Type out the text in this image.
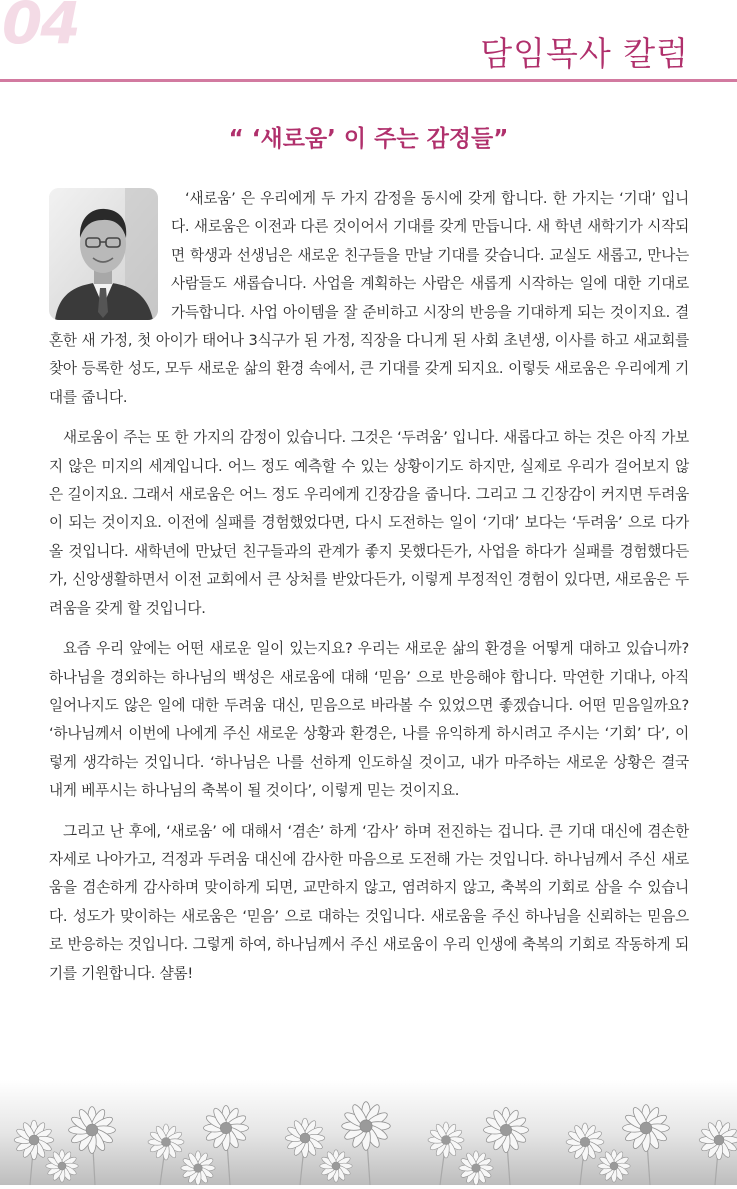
04	담임목사 칼럼
“ ‘새로움’ 이 주는 감정들”

‘새로움’ 은 우리에게 두 가지 감정을 동시에 갖게 합니다. 한 가지는 ‘기대’ 입니다. 새로움은 이전과 다른 것이어서 기대를 갖게 만듭니다. 새 학년 새학기가 시작되면 학생과 선생님은 새로운 친구들을 만날 기대를 갖습니다. 교실도 새롭고, 만나는 사람들도 새롭습니다. 사업을 계획하는 사람은 새롭게 시작하는 일에 대한 기대로 가득합니다. 사업 아이템을 잘 준비하고 시장의 반응을 기대하게 되는 것이지요. 결혼한 새 가정, 첫 아이가 태어나 3식구가 된 가정, 직장을 다니게 된 사회 초년생, 이사를 하고 새교회를 찾아 등록한 성도, 모두 새로운 삶의 환경 속에서, 큰 기대를 갖게 되지요. 이렇듯 새로움은 우리에게 기대를 줍니다.

새로움이 주는 또 한 가지의 감정이 있습니다. 그것은 ‘두려움’ 입니다. 새롭다고 하는 것은 아직 가보지 않은 미지의 세계입니다. 어느 정도 예측할 수 있는 상황이기도 하지만, 실제로 우리가 걸어보지 않은 길이지요. 그래서 새로움은 어느 정도 우리에게 긴장감을 줍니다. 그리고 그 긴장감이 커지면 두려움이 되는 것이지요. 이전에 실패를 경험했었다면, 다시 도전하는 일이 ‘기대’ 보다는 ‘두려움’ 으로 다가올 것입니다. 새학년에 만났던 친구들과의 관계가 좋지 못했다든가, 사업을 하다가 실패를 경험했다든가, 신앙생활하면서 이전 교회에서 큰 상처를 받았다든가, 이렇게 부정적인 경험이 있다면, 새로움은 두려움을 갖게 할 것입니다.

요즘 우리 앞에는 어떤 새로운 일이 있는지요? 우리는 새로운 삶의 환경을 어떻게 대하고 있습니까? 하나님을 경외하는 하나님의 백성은 새로움에 대해 ‘믿음’ 으로 반응해야 합니다. 막연한 기대나, 아직 일어나지도 않은 일에 대한 두려움 대신, 믿음으로 바라볼 수 있었으면 좋겠습니다. 어떤 믿음일까요? ‘하나님께서 이번에 나에게 주신 새로운 상황과 환경은, 나를 유익하게 하시려고 주시는 ‘기회’ 다’, 이렇게 생각하는 것입니다. ‘하나님은 나를 선하게 인도하실 것이고, 내가 마주하는 새로운 상황은 결국 내게 베푸시는 하나님의 축복이 될 것이다’, 이렇게 믿는 것이지요.

그리고 난 후에, ‘새로움’ 에 대해서 ‘겸손’ 하게 ‘감사’ 하며 전진하는 겁니다. 큰 기대 대신에 겸손한 자세로 나아가고, 걱정과 두려움 대신에 감사한 마음으로 도전해 가는 것입니다. 하나님께서 주신 새로움을 겸손하게 감사하며 맞이하게 되면, 교만하지 않고, 염려하지 않고, 축복의 기회로 삼을 수 있습니다. 성도가 맞이하는 새로움은 ‘믿음’ 으로 대하는 것입니다. 새로움을 주신 하나님을 신뢰하는 믿음으로 반응하는 것입니다. 그렇게 하여, 하나님께서 주신 새로움이 우리 인생에 축복의 기회로 작동하게 되기를 기원합니다. 샬롬!
